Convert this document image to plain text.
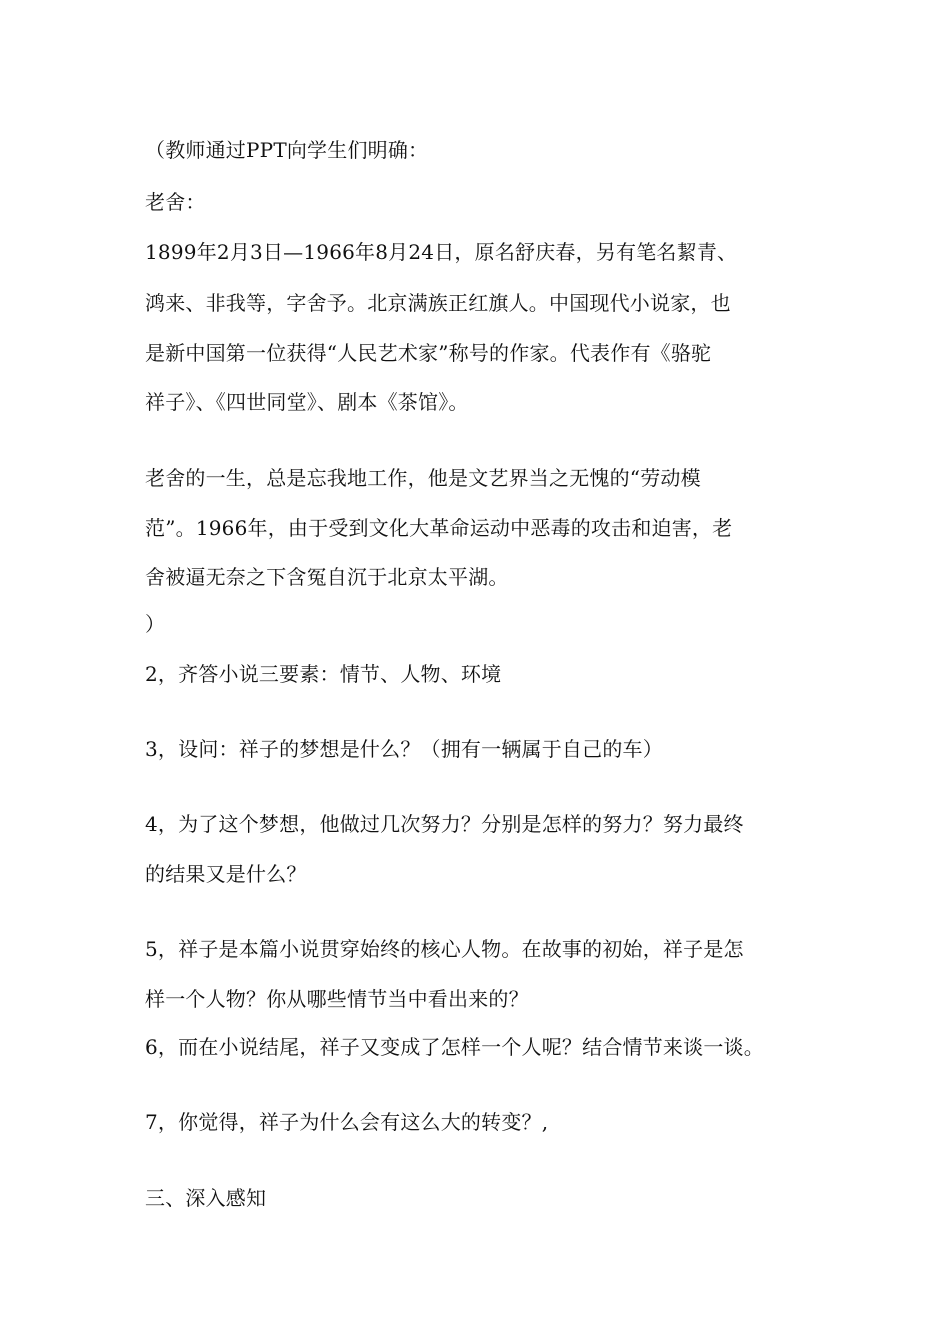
（教师通过PPT向学生们明确：
老舍：
1899年2月3日—1966年8月24日，原名舒庆春，另有笔名絜青、
鸿来、非我等，字舍予。北京满族正红旗人。中国现代小说家，也
是新中国第一位获得“人民艺术家”称号的作家。代表作有《骆驼
祥子》、《四世同堂》、剧本《茶馆》。
老舍的一生，总是忘我地工作，他是文艺界当之无愧的“劳动模
范”。1966年，由于受到文化大革命运动中恶毒的攻击和迫害，老
舍被逼无奈之下含冤自沉于北京太平湖。
）
2，齐答小说三要素：情节、人物、环境
3，设问：祥子的梦想是什么？（拥有一辆属于自己的车）
4，为了这个梦想，他做过几次努力？分别是怎样的努力？努力最终
的结果又是什么？
5，祥子是本篇小说贯穿始终的核心人物。在故事的初始，祥子是怎
样一个人物？你从哪些情节当中看出来的？
6，而在小说结尾，祥子又变成了怎样一个人呢？结合情节来谈一谈。
7，你觉得，祥子为什么会有这么大的转变？,
三、深入感知
